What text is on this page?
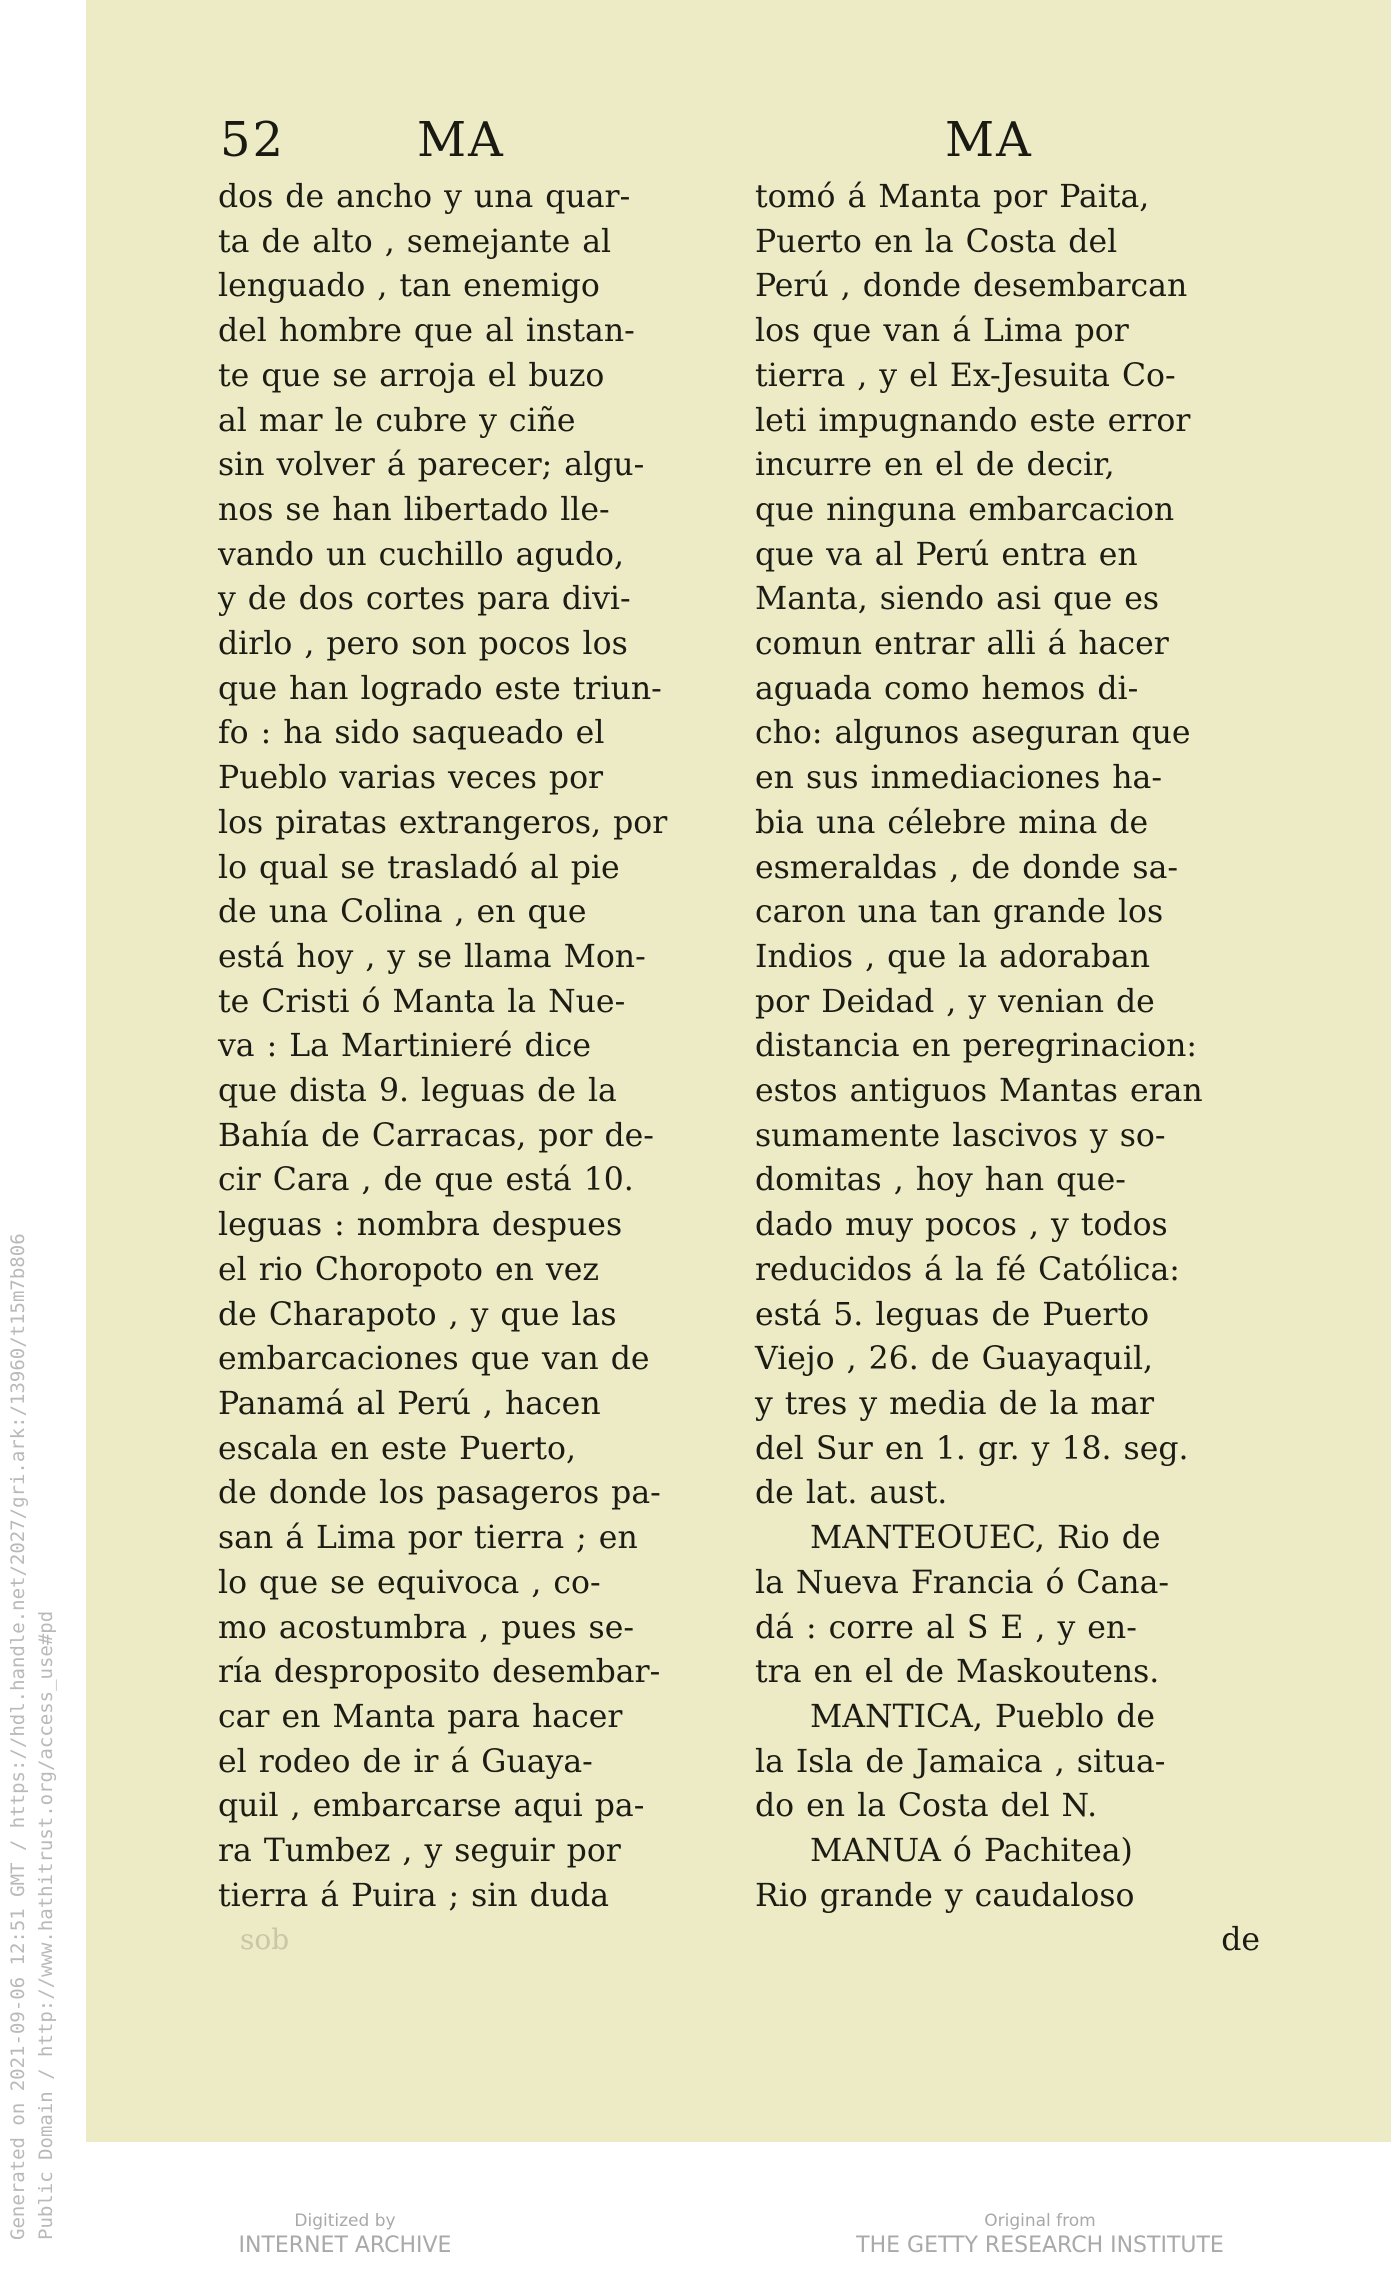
52	MA	MA
dos de ancho y una quar-
ta de alto , semejante al
lenguado , tan enemigo
del hombre que al instan-
te que se arroja el buzo
al mar le cubre y ciñe
sin volver á parecer; algu-
nos se han libertado lle-
vando un cuchillo agudo,
y de dos cortes para divi-
dirlo , pero son pocos los
que han logrado este triun-
fo : ha sido saqueado el
Pueblo varias veces por
los piratas extrangeros, por
lo qual se trasladó al pie
de una Colina , en que
está hoy , y se llama Mon-
te Cristi ó Manta la Nue-
va : La Martinieré dice
que dista 9. leguas de la
Bahía de Carracas, por de-
cir Cara , de que está 10.
leguas : nombra despues
el rio Choropoto en vez
de Charapoto , y que las
embarcaciones que van de
Panamá al Perú , hacen
escala en este Puerto,
de donde los pasageros pa-
san á Lima por tierra ; en
lo que se equivoca , co-
mo acostumbra , pues se-
ría desproposito desembar-
car en Manta para hacer
el rodeo de ir á Guaya-
quil , embarcarse aqui pa-
ra Tumbez , y seguir por
tierra á Puira ; sin duda
tomó á Manta por Paita,
Puerto en la Costa del
Perú , donde desembarcan
los que van á Lima por
tierra , y el Ex-Jesuita Co-
leti impugnando este error
incurre en el de decir,
que ninguna embarcacion
que va al Perú entra en
Manta, siendo asi que es
comun entrar alli á hacer
aguada como hemos di-
cho: algunos aseguran que
en sus inmediaciones ha-
bia una célebre mina de
esmeraldas , de donde sa-
caron una tan grande los
Indios , que la adoraban
por Deidad , y venian de
distancia en peregrinacion:
estos antiguos Mantas eran
sumamente lascivos y so-
domitas , hoy han que-
dado muy pocos , y todos
reducidos á la fé Católica:
está 5. leguas de Puerto
Viejo , 26. de Guayaquil,
y tres y media de la mar
del Sur en 1. gr. y 18. seg.
de lat. aust.
MANTEOUEC, Rio de
la Nueva Francia ó Cana-
dá : corre al S E , y en-
tra en el de Maskoutens.
MANTICA, Pueblo de
la Isla de Jamaica , situa-
do en la Costa del N.
MANUA ó Pachitea)
Rio grande y caudaloso
de
sob
Generated on 2021-09-06 12:51 GMT / https://hdl.handle.net/2027/gri.ark:/13960/t15m7b806 Public Domain / http://www.hathitrust.org/access_use#pd	Digitized by
INTERNET ARCHIVE
Original from
THE GETTY RESEARCH INSTITUTE
